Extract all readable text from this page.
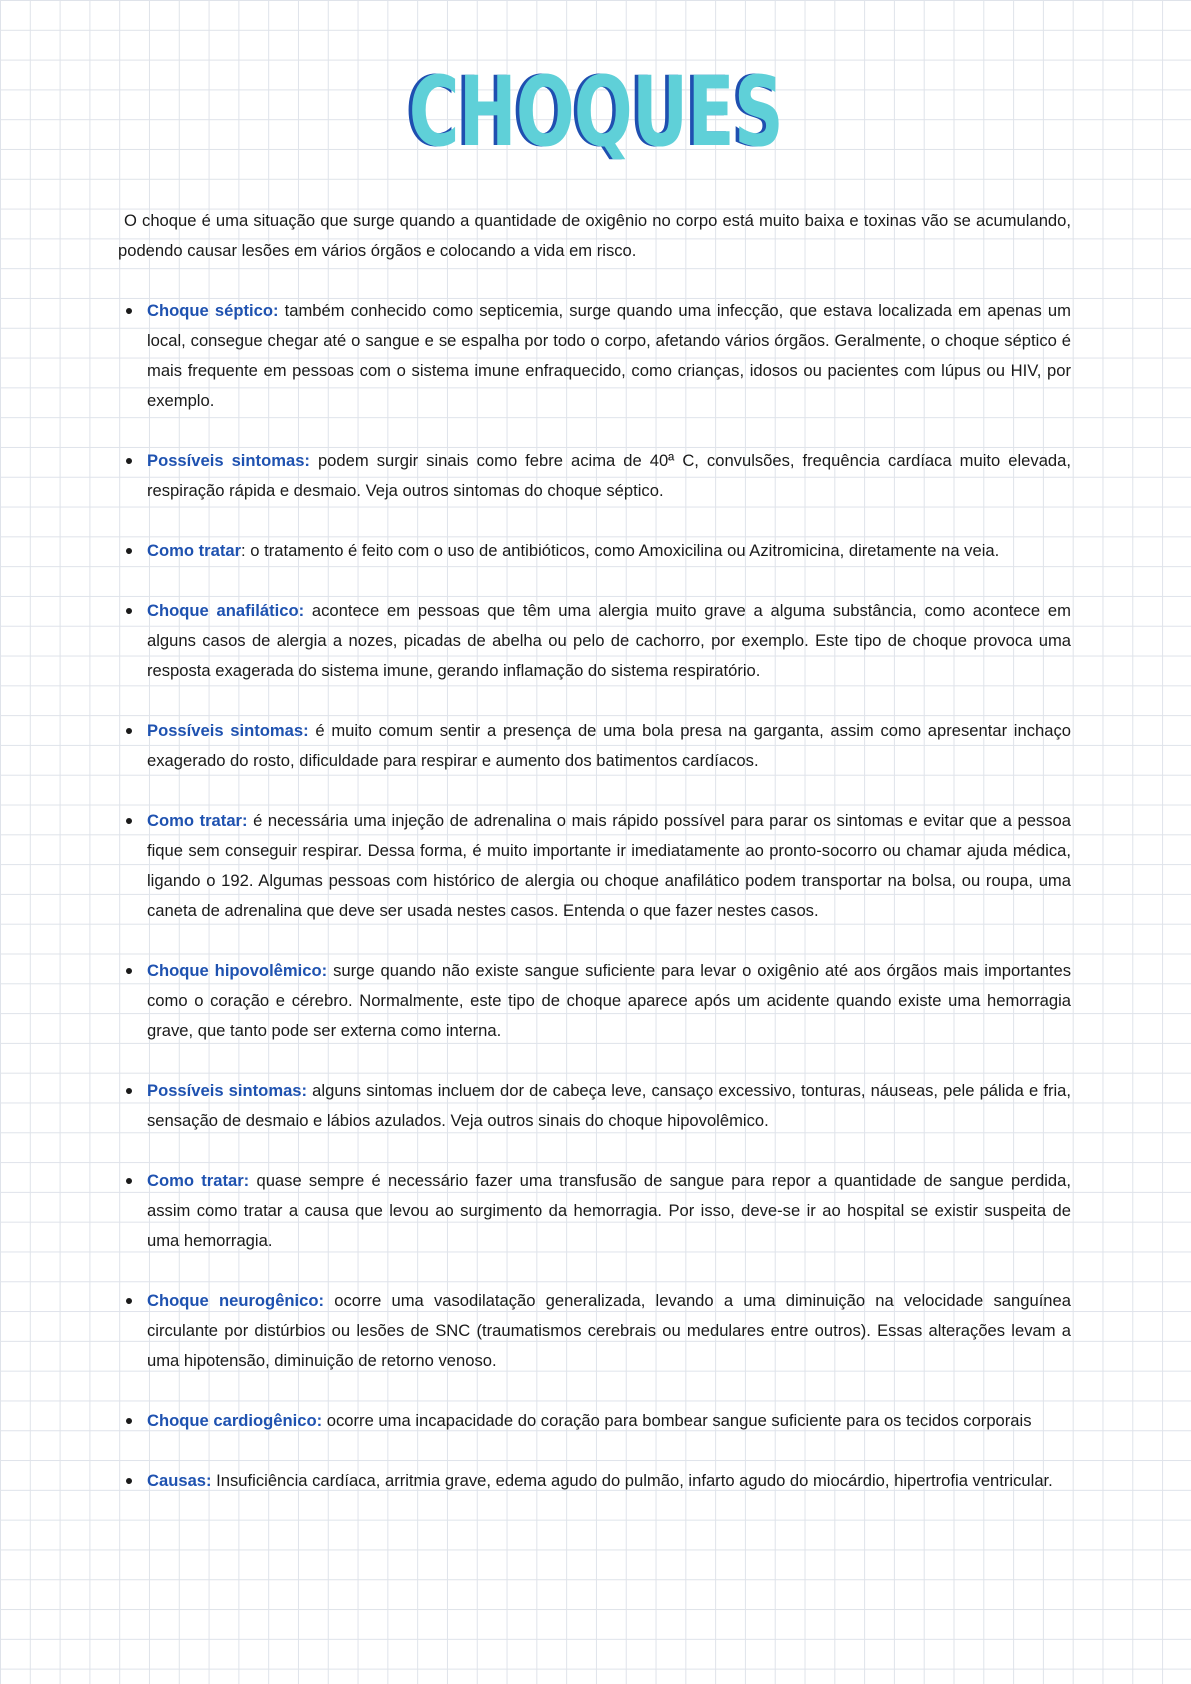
CHOQUES

O choque é uma situação que surge quando a quantidade de oxigênio no corpo está muito baixa e toxinas vão se acumulando, podendo causar lesões em vários órgãos e colocando a vida em risco.

Choque séptico: também conhecido como septicemia, surge quando uma infecção, que estava localizada em apenas um local, consegue chegar até o sangue e se espalha por todo o corpo, afetando vários órgãos. Geralmente, o choque séptico é mais frequente em pessoas com o sistema imune enfraquecido, como crianças, idosos ou pacientes com lúpus ou HIV, por exemplo.
Possíveis sintomas: podem surgir sinais como febre acima de 40ª C, convulsões, frequência cardíaca muito elevada, respiração rápida e desmaio. Veja outros sintomas do choque séptico.
Como tratar: o tratamento é feito com o uso de antibióticos, como Amoxicilina ou Azitromicina, diretamente na veia.
Choque anafilático: acontece em pessoas que têm uma alergia muito grave a alguma substância, como acontece em alguns casos de alergia a nozes, picadas de abelha ou pelo de cachorro, por exemplo. Este tipo de choque provoca uma resposta exagerada do sistema imune, gerando inflamação do sistema respiratório.
Possíveis sintomas: é muito comum sentir a presença de uma bola presa na garganta, assim como apresentar inchaço exagerado do rosto, dificuldade para respirar e aumento dos batimentos cardíacos.
Como tratar: é necessária uma injeção de adrenalina o mais rápido possível para parar os sintomas e evitar que a pessoa fique sem conseguir respirar. Dessa forma, é muito importante ir imediatamente ao pronto-socorro ou chamar ajuda médica, ligando o 192. Algumas pessoas com histórico de alergia ou choque anafilático podem transportar na bolsa, ou roupa, uma caneta de adrenalina que deve ser usada nestes casos. Entenda o que fazer nestes casos.
Choque hipovolêmico: surge quando não existe sangue suficiente para levar o oxigênio até aos órgãos mais importantes como o coração e cérebro. Normalmente, este tipo de choque aparece após um acidente quando existe uma hemorragia grave, que tanto pode ser externa como interna.
Possíveis sintomas: alguns sintomas incluem dor de cabeça leve, cansaço excessivo, tonturas, náuseas, pele pálida e fria, sensação de desmaio e lábios azulados. Veja outros sinais do choque hipovolêmico.
Como tratar: quase sempre é necessário fazer uma transfusão de sangue para repor a quantidade de sangue perdida, assim como tratar a causa que levou ao surgimento da hemorragia. Por isso, deve-se ir ao hospital se existir suspeita de uma hemorragia.
Choque neurogênico: ocorre uma vasodilatação generalizada, levando a uma diminuição na velocidade sanguínea circulante por distúrbios ou lesões de SNC (traumatismos cerebrais ou medulares entre outros). Essas alterações levam a uma hipotensão, diminuição de retorno venoso.
Choque cardiogênico: ocorre uma incapacidade do coração para bombear sangue suficiente para os tecidos corporais
Causas: Insuficiência cardíaca, arritmia grave, edema agudo do pulmão, infarto agudo do miocárdio, hipertrofia ventricular.
